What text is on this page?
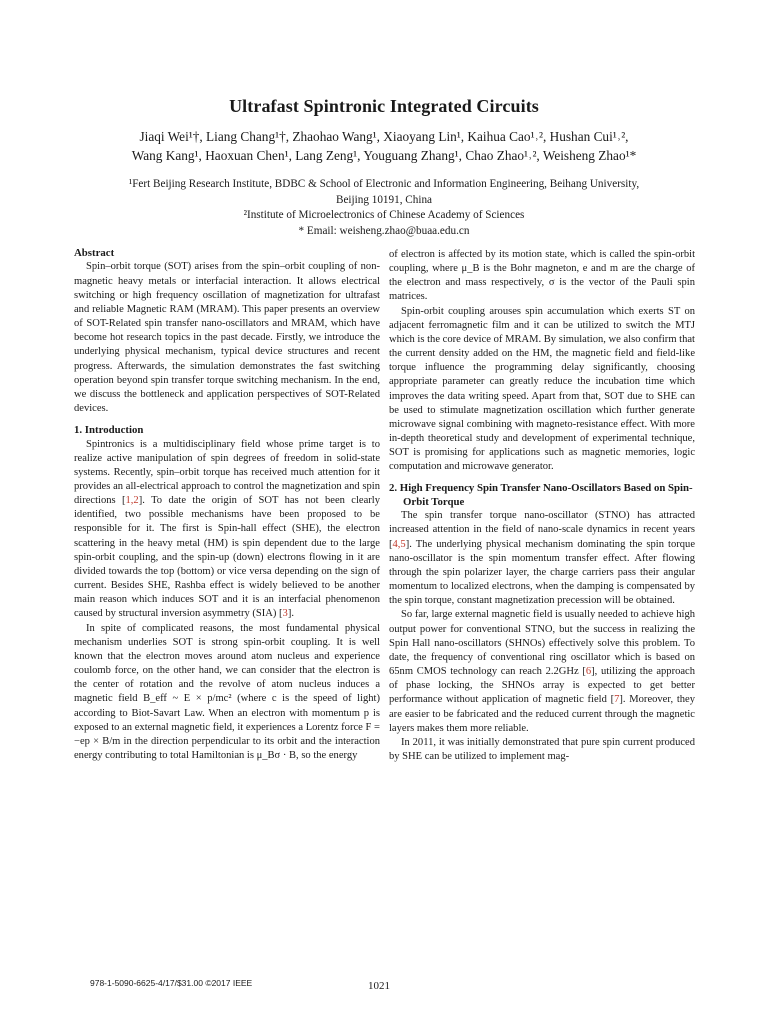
Ultrafast Spintronic Integrated Circuits
Jiaqi Wei¹†, Liang Chang¹†, Zhaohao Wang¹, Xiaoyang Lin¹, Kaihua Cao¹˒², Hushan Cui¹˒²,
Wang Kang¹, Haoxuan Chen¹, Lang Zeng¹, Youguang Zhang¹, Chao Zhao¹˒², Weisheng Zhao¹*
¹Fert Beijing Research Institute, BDBC & School of Electronic and Information Engineering, Beihang University,
Beijing 10191, China
²Institute of Microelectronics of Chinese Academy of Sciences
* Email: weisheng.zhao@buaa.edu.cn
Abstract

Spin–orbit torque (SOT) arises from the spin–orbit coupling of non-magnetic heavy metals or interfacial interaction. It allows electrical switching or high frequency oscillation of magnetization for ultrafast and reliable Magnetic RAM (MRAM). This paper presents an overview of SOT-Related spin transfer nano-oscillators and MRAM, which have become hot research topics in the past decade. Firstly, we introduce the underlying physical mechanism, typical device structures and recent progress. Afterwards, the simulation demonstrates the fast switching operation beyond spin transfer torque switching mechanism. In the end, we discuss the bottleneck and application perspectives of SOT-Related devices.

1. Introduction

Spintronics is a multidisciplinary field whose prime target is to realize active manipulation of spin degrees of freedom in solid-state systems. Recently, spin–orbit torque has received much attention for it provides an all-electrical approach to control the magnetization and spin directions [1,2]. To date the origin of SOT has not been clearly identified, two possible mechanisms have been proposed to be responsible for it. The first is Spin-hall effect (SHE), the electron scattering in the heavy metal (HM) is spin dependent due to the large spin-orbit coupling, and the spin-up (down) electrons flowing in it are divided towards the top (bottom) or vice versa depending on the sign of current. Besides SHE, Rashba effect is widely believed to be another main reason which induces SOT and it is an interfacial phenomenon caused by structural inversion asymmetry (SIA) [3].

In spite of complicated reasons, the most fundamental physical mechanism underlies SOT is strong spin-orbit coupling. It is well known that the electron moves around atom nucleus and experience coulomb force, on the other hand, we can consider that the electron is the center of rotation and the revolve of atom nucleus induces a magnetic field B_eff ~ E × p/mc² (where c is the speed of light) according to Biot-Savart Law. When an electron with momentum p is exposed to an external magnetic field, it experiences a Lorentz force F = −ep × B/m in the direction perpendicular to its orbit and the interaction energy contributing to total Hamiltonian is μ_Bσ · B, so the energy

of electron is affected by its motion state, which is called the spin-orbit coupling, where μ_B is the Bohr magneton, e and m are the charge of the electron and mass respectively, σ is the vector of the Pauli spin matrices.

Spin-orbit coupling arouses spin accumulation which exerts ST on adjacent ferromagnetic film and it can be utilized to switch the MTJ which is the core device of MRAM. By simulation, we also confirm that the current density added on the HM, the magnetic field and field-like torque influence the programming delay significantly, choosing appropriate parameter can greatly reduce the incubation time which improves the data writing speed. Apart from that, SOT due to SHE can be used to stimulate magnetization oscillation which further generate microwave signal combining with magneto-resistance effect. With more in-depth theoretical study and development of experimental technique, SOT is promising for applications such as magnetic memories, logic computation and microwave generator.

2. High Frequency Spin Transfer Nano-Oscillators Based on Spin-Orbit Torque

The spin transfer torque nano-oscillator (STNO) has attracted increased attention in the field of nano-scale dynamics in recent years [4,5]. The underlying physical mechanism dominating the spin torque nano-oscillator is the spin momentum transfer effect. After flowing through the spin polarizer layer, the charge carriers pass their angular momentum to localized electrons, when the damping is compensated by the spin torque, constant magnetization precession will be obtained.

So far, large external magnetic field is usually needed to achieve high output power for conventional STNO, but the success in realizing the Spin Hall nano-oscillators (SHNOs) effectively solve this problem. To date, the frequency of conventional ring oscillator which is based on 65nm CMOS technology can reach 2.2GHz [6], utilizing the approach of phase locking, the SHNOs array is expected to get better performance without application of magnetic field [7]. Moreover, they are easier to be fabricated and the reduced current through the magnetic layers makes them more reliable.

In 2011, it was initially demonstrated that pure spin current produced by SHE can be utilized to implement mag-

978-1-5090-6625-4/17/$31.00 ©2017 IEEE	1021
